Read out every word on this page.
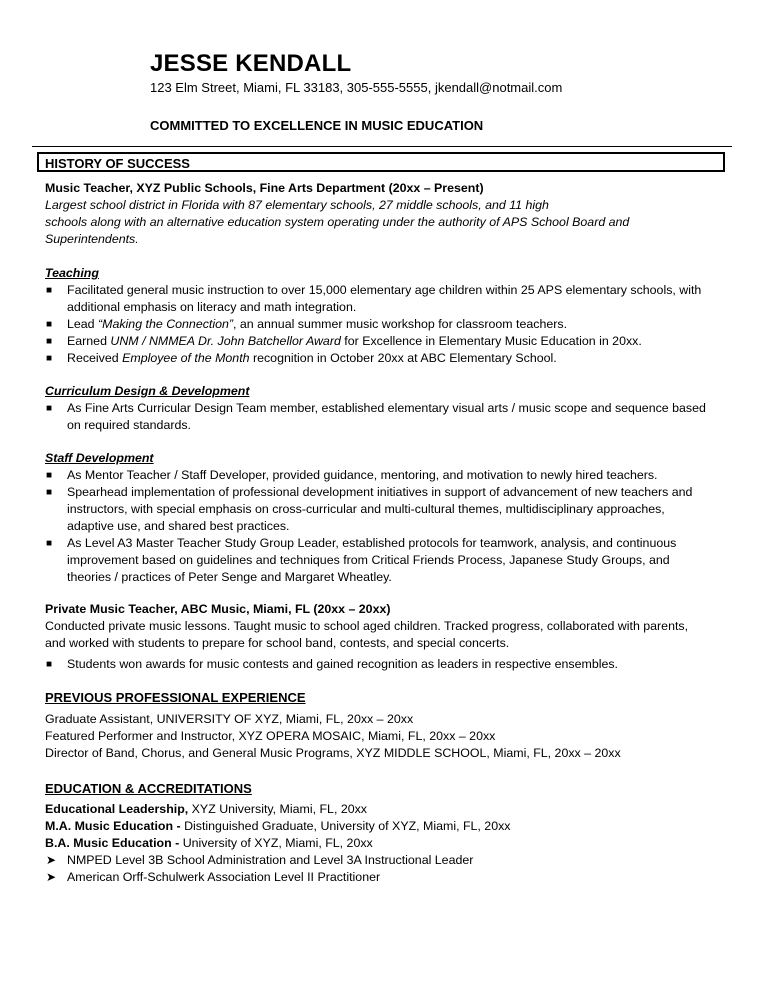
JESSE KENDALL
123 Elm Street, Miami, FL 33183, 305-555-5555, jkendall@notmail.com
COMMITTED TO EXCELLENCE IN MUSIC EDUCATION
HISTORY OF SUCCESS
Music Teacher, XYZ Public Schools, Fine Arts Department (20xx – Present)
Largest school district in Florida with 87 elementary schools, 27 middle schools, and 11 high
schools along with an alternative education system operating under the authority of APS School Board and
Superintendents.
Teaching
■ Facilitated general music instruction to over 15,000 elementary age children within 25 APS elementary schools, with
additional emphasis on literacy and math integration.
■ Lead “Making the Connection”, an annual summer music workshop for classroom teachers.
■ Earned UNM / NMMEA Dr. John Batchellor Award for Excellence in Elementary Music Education in 20xx.
■ Received Employee of the Month recognition in October 20xx at ABC Elementary School.
Curriculum Design & Development
■ As Fine Arts Curricular Design Team member, established elementary visual arts / music scope and sequence based
on required standards.
Staff Development
■ As Mentor Teacher / Staff Developer, provided guidance, mentoring, and motivation to newly hired teachers.
■ Spearhead implementation of professional development initiatives in support of advancement of new teachers and
instructors, with special emphasis on cross-curricular and multi-cultural themes, multidisciplinary approaches,
adaptive use, and shared best practices.
■ As Level A3 Master Teacher Study Group Leader, established protocols for teamwork, analysis, and continuous
improvement based on guidelines and techniques from Critical Friends Process, Japanese Study Groups, and
theories / practices of Peter Senge and Margaret Wheatley.
Private Music Teacher, ABC Music, Miami, FL (20xx – 20xx)
Conducted private music lessons. Taught music to school aged children. Tracked progress, collaborated with parents,
and worked with students to prepare for school band, contests, and special concerts.
■ Students won awards for music contests and gained recognition as leaders in respective ensembles.
PREVIOUS PROFESSIONAL EXPERIENCE
Graduate Assistant, UNIVERSITY OF XYZ, Miami, FL, 20xx – 20xx
Featured Performer and Instructor, XYZ OPERA MOSAIC, Miami, FL, 20xx – 20xx
Director of Band, Chorus, and General Music Programs, XYZ MIDDLE SCHOOL, Miami, FL, 20xx – 20xx
EDUCATION & ACCREDITATIONS
Educational Leadership, XYZ University, Miami, FL, 20xx
M.A. Music Education - Distinguished Graduate, University of XYZ, Miami, FL, 20xx
B.A. Music Education - University of XYZ, Miami, FL, 20xx
➤ NMPED Level 3B School Administration and Level 3A Instructional Leader
➤ American Orff-Schulwerk Association Level II Practitioner
